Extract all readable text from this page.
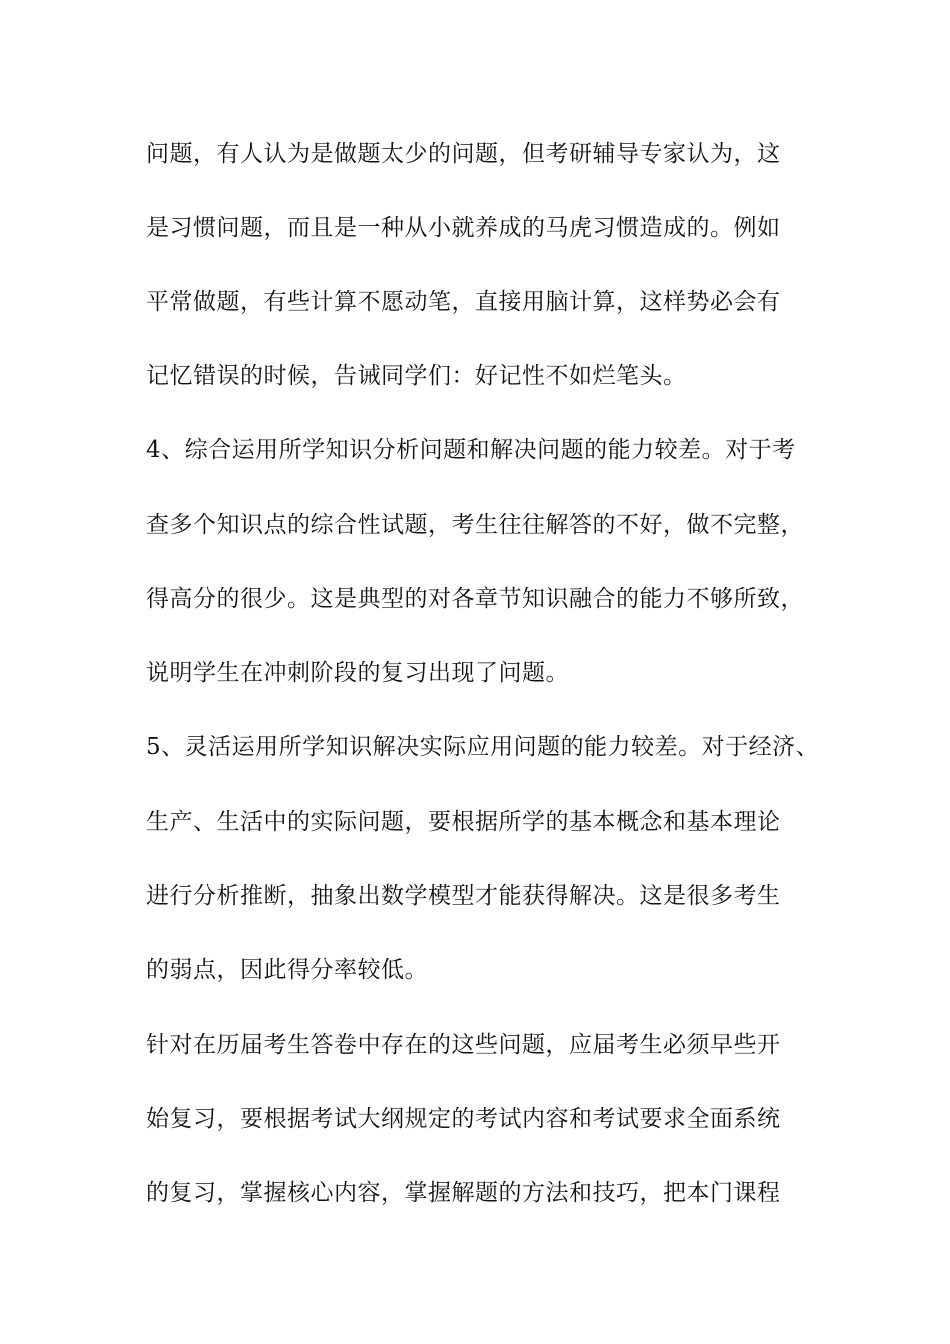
问题，有人认为是做题太少的问题，但考研辅导专家认为，这
是习惯问题，而且是一种从小就养成的马虎习惯造成的。例如
平常做题，有些计算不愿动笔，直接用脑计算，这样势必会有
记忆错误的时候，告诫同学们：好记性不如烂笔头。
4、综合运用所学知识分析问题和解决问题的能力较差。对于考
查多个知识点的综合性试题，考生往往解答的不好，做不完整，
得高分的很少。这是典型的对各章节知识融合的能力不够所致，
说明学生在冲刺阶段的复习出现了问题。
5、灵活运用所学知识解决实际应用问题的能力较差。对于经济、
生产、生活中的实际问题，要根据所学的基本概念和基本理论
进行分析推断，抽象出数学模型才能获得解决。这是很多考生
的弱点，因此得分率较低。
针对在历届考生答卷中存在的这些问题，应届考生必须早些开
始复习，要根据考试大纲规定的考试内容和考试要求全面系统
的复习，掌握核心内容，掌握解题的方法和技巧，把本门课程
